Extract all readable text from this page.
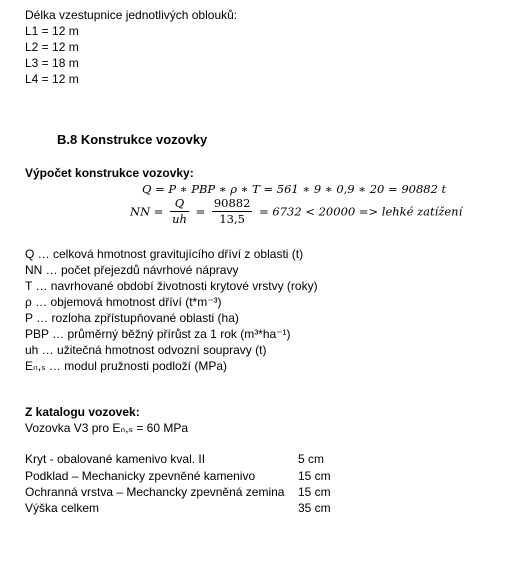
Délka vzestupnice jednotlivých oblouků:
L1 = 12 m
L2 = 12 m
L3 = 18 m
L4 = 12 m
B.8 Konstrukce vozovky
Výpočet konstrukce vozovky:
Q = P ∗ PBP ∗ ρ ∗ T = 561 ∗ 9 ∗ 0,9 ∗ 20 = 90882 t
NN = $\frac{Q}{uh} = \frac{90882}{13,5} = 6732 < 20000$ => lehké zatížení
Q … celková hmotnost gravitujícího dříví z oblasti (t)
NN … počet přejezdů návrhové nápravy
T … navrhované období životnosti krytové vrstvy (roky)
ρ … objemová hmotnost dříví (t*m⁻³)
P … rozloha zpřístupňované oblasti (ha)
PBP … průměrný běžný přírůst za 1 rok (m³*ha⁻¹)
uh … užitečná hmotnost odvozní soupravy (t)
Eₙ,ₛ … modul pružnosti podloží (MPa)
Z katalogu vozovek:
Vozovka V3 pro Eₙ,ₛ = 60 MPa
Kryt - obalované kamenivo kval. II	5 cm
Podklad – Mechanicky zpevněné kamenivo	15 cm
Ochranná vrstva – Mechancky zpevněná zemina 15 cm
Výška celkem	35 cm
